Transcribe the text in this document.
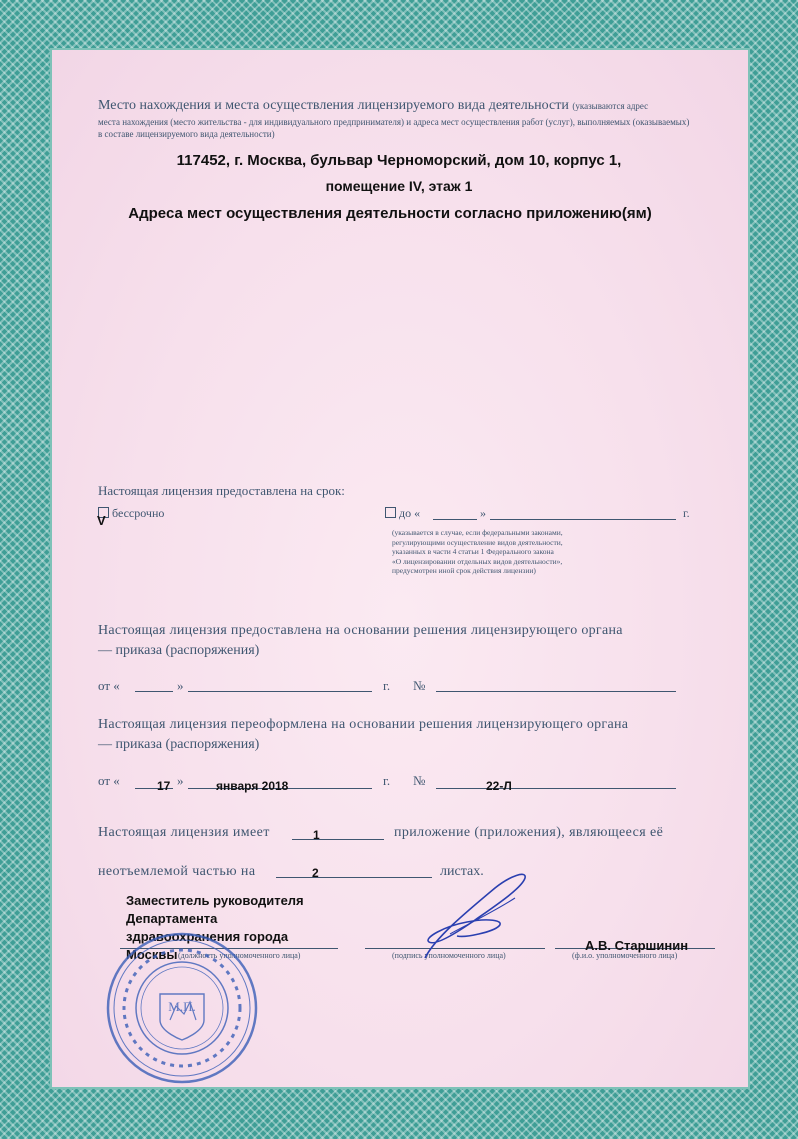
Место нахождения и места осуществления лицензируемого вида деятельности (указываются адрес
места нахождения (место жительства - для индивидуального предпринимателя) и адреса мест осуществления работ (услуг), выполняемых (оказываемых)
в составе лицензируемого вида деятельности)
117452, г. Москва, бульвар Черноморский, дом 10, корпус 1,
помещение IV, этаж 1
Адреса мест осуществления деятельности согласно приложению(ям)
Настоящая лицензия предоставлена на срок:
бессрочно
V	до «	»	г.
(указывается в случае, если федеральными законами,
регулирующими осуществление видов деятельности,
указанных в части 4 статьи 1 Федерального закона
«О лицензировании отдельных видов деятельности»,
предусмотрен иной срок действия лицензии)
Настоящая лицензия предоставлена на основании решения лицензирующего органа
— приказа (распоряжения)
от «	»	г. №
Настоящая лицензия переоформлена на основании решения лицензирующего органа
— приказа (распоряжения)
от «	17 »	января 2018	г. №	22-Л
Настоящая лицензия имеет	1	приложение (приложения), являющееся её
неотъемлемой частью на	2	листах.
Заместитель руководителя
Департамента
здравоохранения города
Москвы (должность уполномоченного лица)	(подпись уполномоченного лица)	(ф.и.о. уполномоченного лица)
А.В. Старшинин
М.П.
